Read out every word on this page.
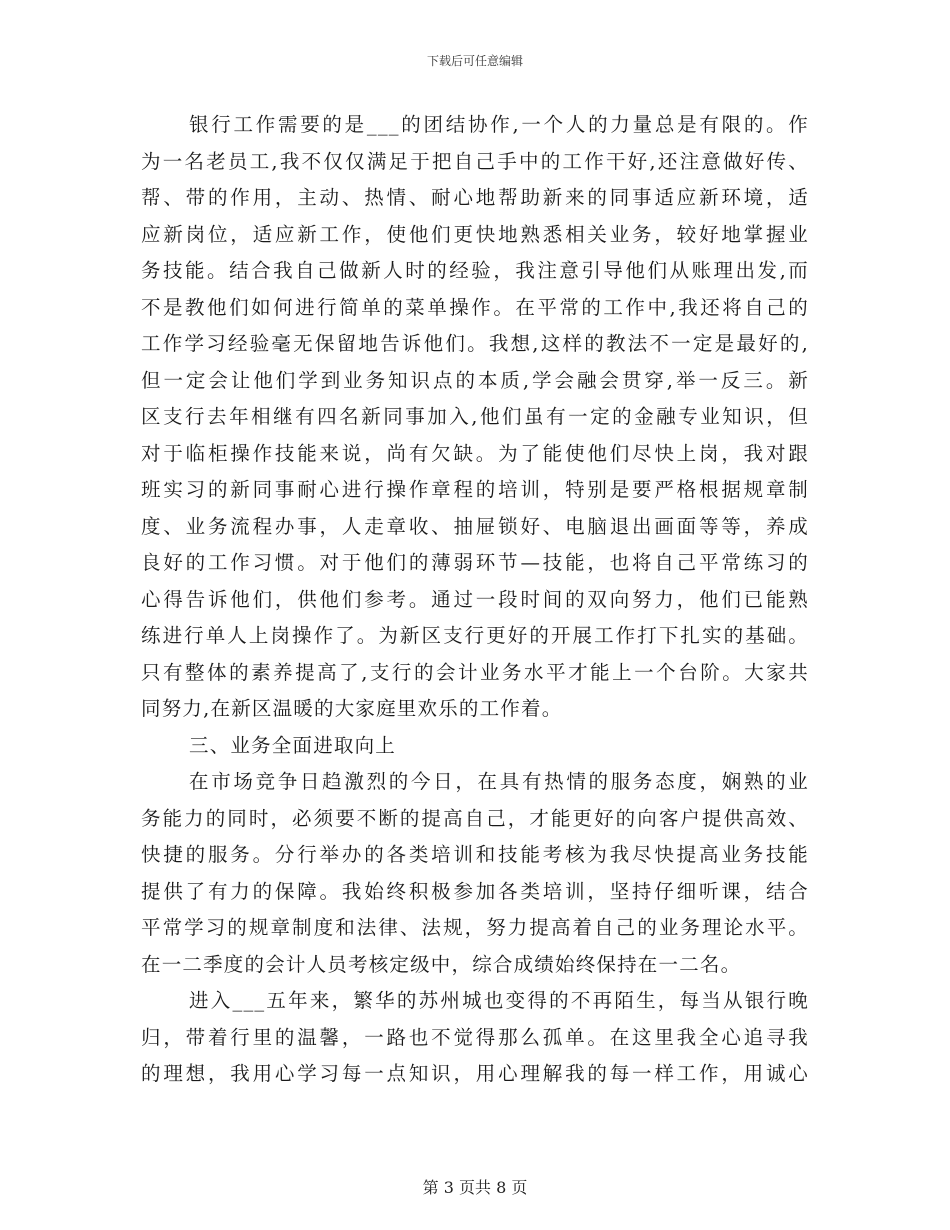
下载后可任意编辑
银行工作需要的是___的团结协作,一个人的力量总是有限的。作
为一名老员工,我不仅仅满足于把自己手中的工作干好,还注意做好传、
帮、带的作用，主动、热情、耐心地帮助新来的同事适应新环境，适
应新岗位，适应新工作，使他们更快地熟悉相关业务，较好地掌握业
务技能。结合我自己做新人时的经验，我注意引导他们从账理出发,而
不是教他们如何进行简单的菜单操作。在平常的工作中,我还将自己的
工作学习经验毫无保留地告诉他们。我想,这样的教法不一定是最好的,
但一定会让他们学到业务知识点的本质,学会融会贯穿,举一反三。新
区支行去年相继有四名新同事加入,他们虽有一定的金融专业知识，但
对于临柜操作技能来说，尚有欠缺。为了能使他们尽快上岗，我对跟
班实习的新同事耐心进行操作章程的培训，特别是要严格根据规章制
度、业务流程办事，人走章收、抽屉锁好、电脑退出画面等等，养成
良好的工作习惯。对于他们的薄弱环节—技能，也将自己平常练习的
心得告诉他们，供他们参考。通过一段时间的双向努力，他们已能熟
练进行单人上岗操作了。为新区支行更好的开展工作打下扎实的基础。
只有整体的素养提高了,支行的会计业务水平才能上一个台阶。大家共
同努力,在新区温暖的大家庭里欢乐的工作着。
三、业务全面进取向上
在市场竞争日趋激烈的今日，在具有热情的服务态度，娴熟的业
务能力的同时，必须要不断的提高自己，才能更好的向客户提供高效、
快捷的服务。分行举办的各类培训和技能考核为我尽快提高业务技能
提供了有力的保障。我始终积极参加各类培训，坚持仔细听课，结合
平常学习的规章制度和法律、法规，努力提高着自己的业务理论水平。
在一二季度的会计人员考核定级中，综合成绩始终保持在一二名。
进入___五年来，繁华的苏州城也变得的不再陌生，每当从银行晚
归，带着行里的温馨，一路也不觉得那么孤单。在这里我全心追寻我
的理想，我用心学习每一点知识，用心理解我的每一样工作，用诚心
第 3 页共 8 页
